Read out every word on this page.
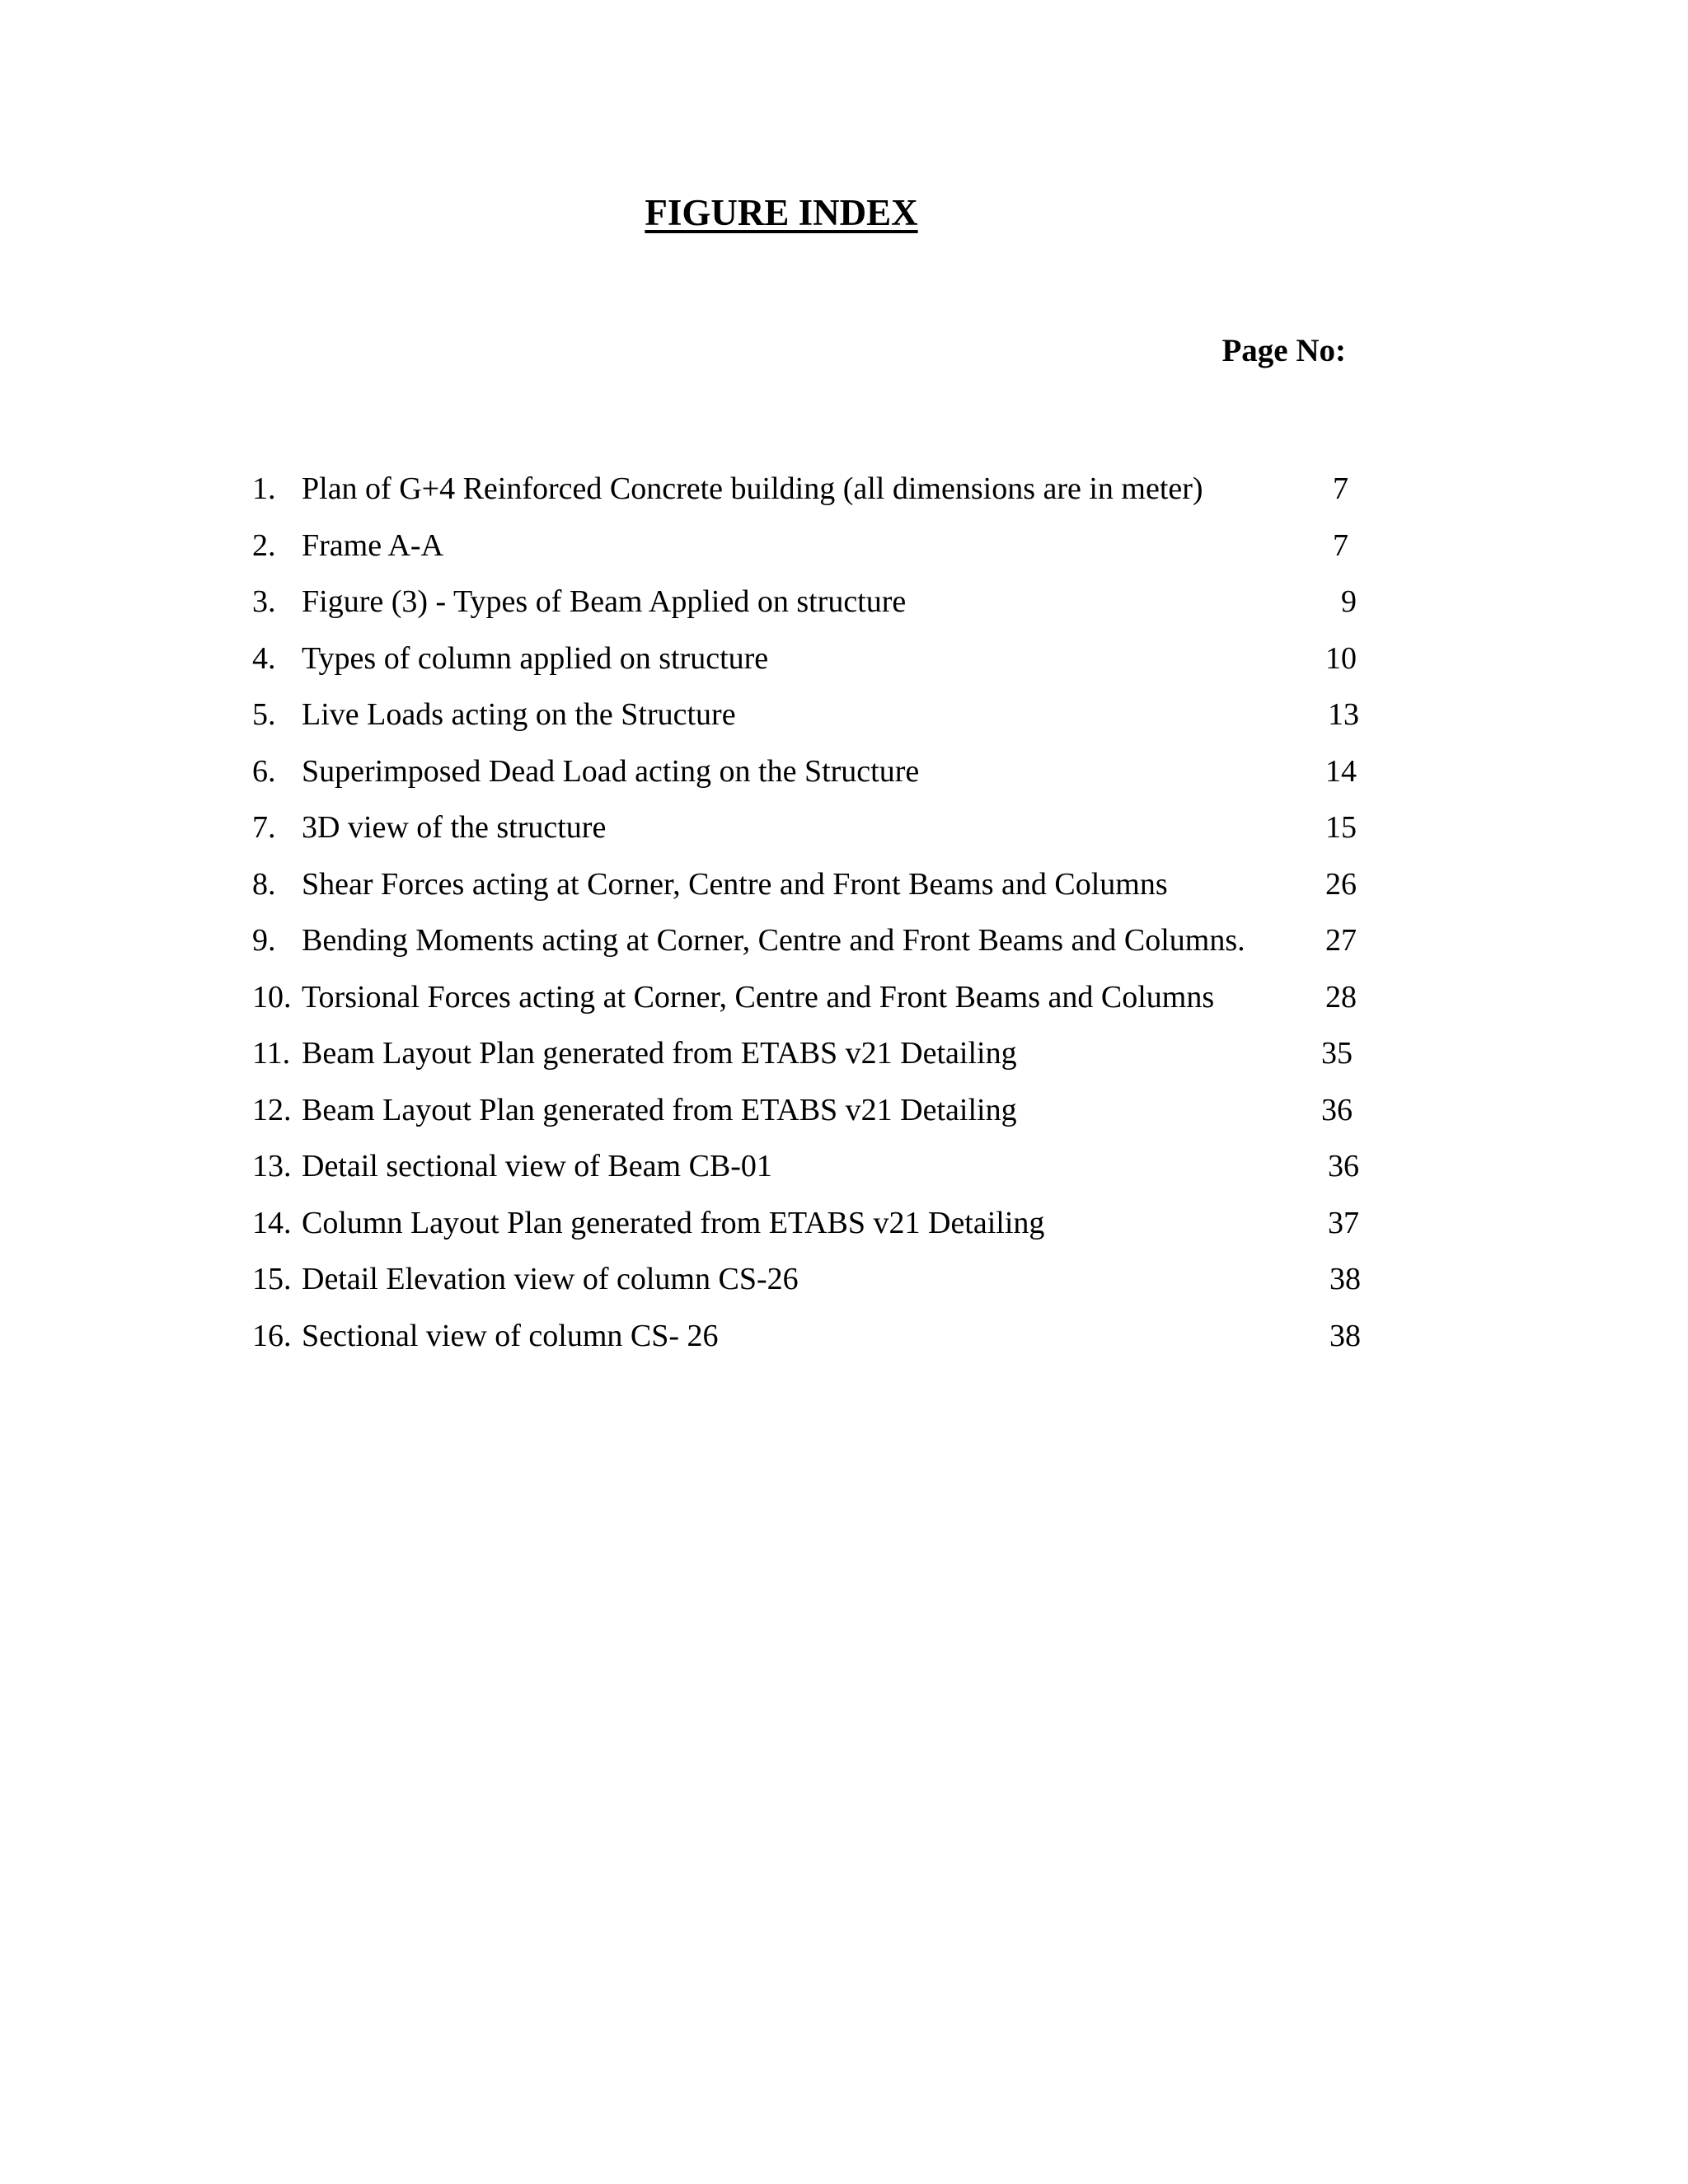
FIGURE INDEX
Page No:
1. Plan of G+4 Reinforced Concrete building (all dimensions are in meter)	7
2. Frame A-A	7
3. Figure (3) - Types of Beam Applied on structure	9
4. Types of column applied on structure	10
5. Live Loads acting on the Structure	13
6. Superimposed Dead Load acting on the Structure	14
7. 3D view of the structure	15
8. Shear Forces acting at Corner, Centre and Front Beams and Columns	26
9. Bending Moments acting at Corner, Centre and Front Beams and Columns.	27
10. Torsional Forces acting at Corner, Centre and Front Beams and Columns	28
11. Beam Layout Plan generated from ETABS v21 Detailing	35
12. Beam Layout Plan generated from ETABS v21 Detailing	36
13. Detail sectional view of Beam CB-01	36
14. Column Layout Plan generated from ETABS v21 Detailing	37
15. Detail Elevation view of column CS-26	38
16. Sectional view of column CS- 26	38
